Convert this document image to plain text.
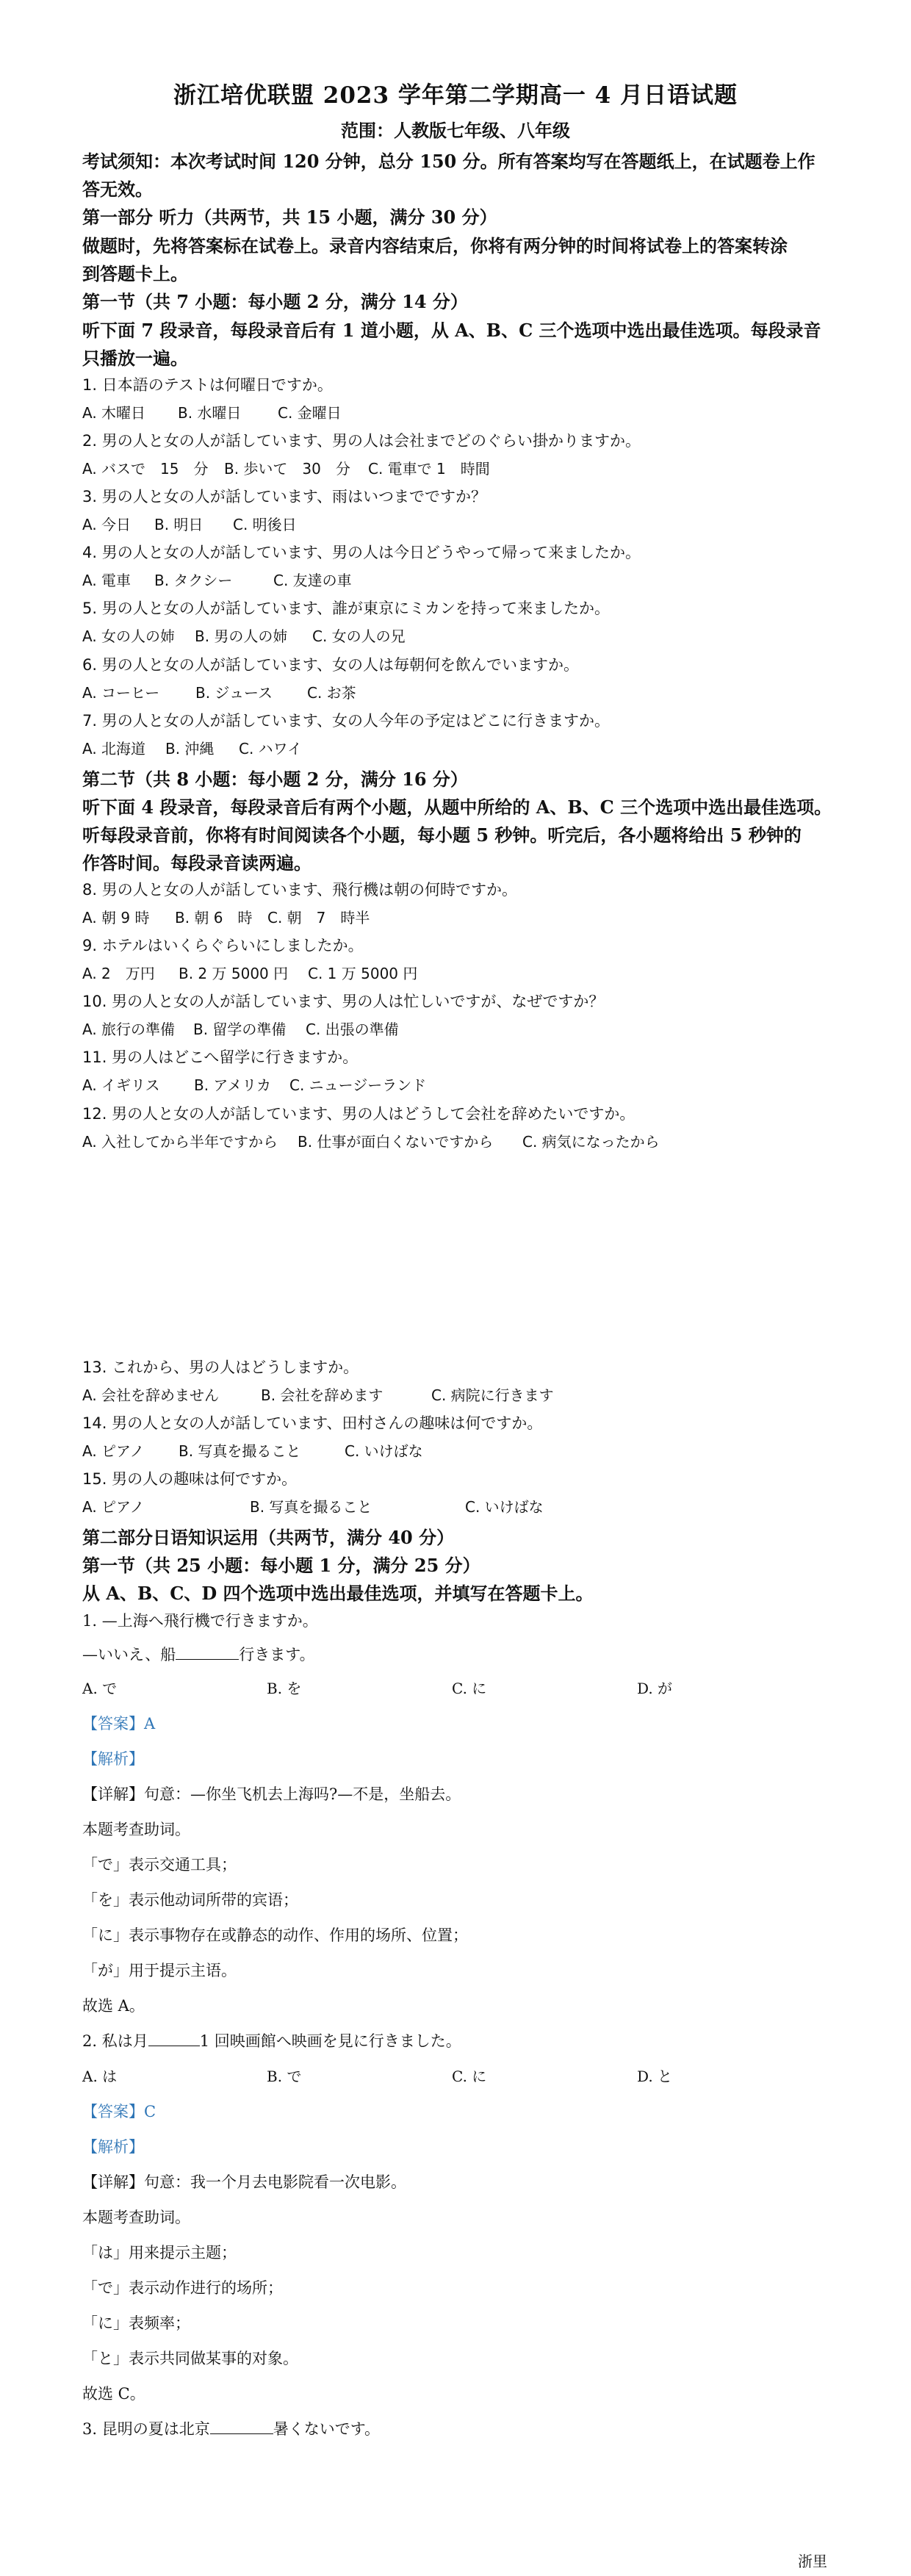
浙江培优联盟 2023 学年第二学期高一 4 月日语试题
范围：人教版七年级、八年级
考试须知：本次考试时间 120 分钟，总分 150 分。所有答案均写在答题纸上，在试题卷上作
答无效。
第一部分 听力（共两节，共 15 小题，满分 30 分）
做题时，先将答案标在试卷上。录音内容结束后，你将有两分钟的时间将试卷上的答案转涂
到答题卡上。
第一节（共 7 小题：每小题 2 分，满分 14 分）
听下面 7 段录音，每段录音后有 1 道小题，从 A、B、C 三个选项中选出最佳选项。每段录音
只播放一遍。
1. 日本語のテストは何曜日ですか。
A. 木曜日 B. 水曜日 C. 金曜日
2. 男の人と女の人が話しています、男の人は会社までどのぐらい掛かりますか。
A. バスで　15　分 B. 歩いて　30　分 C. 電車で 1　時間
3. 男の人と女の人が話しています、雨はいつまでですか？
A. 今日 B. 明日 C. 明後日
4. 男の人と女の人が話しています、男の人は今日どうやって帰って来ましたか。
A. 電車 B. タクシー	C. 友達の車
5. 男の人と女の人が話しています、誰が東京にミカンを持って来ましたか。
A. 女の人の姉 B. 男の人の姉 C. 女の人の兄
6. 男の人と女の人が話しています、女の人は毎朝何を飲んでいますか。
A. コーヒー B. ジュース C. お茶
7. 男の人と女の人が話しています、女の人今年の予定はどこに行きますか。
A. 北海道 B. 沖縄 C. ハワイ
第二节（共 8 小题：每小题 2 分，满分 16 分）
听下面 4 段录音，每段录音后有两个小题，从题中所给的 A、B、C 三个选项中选出最佳选项。
听每段录音前，你将有时间阅读各个小题，每小题 5 秒钟。听完后，各小题将给出 5 秒钟的
作答时间。每段录音读两遍。
8. 男の人と女の人が話しています、飛行機は朝の何時ですか。
A. 朝 9 時 B. 朝 6　時 C. 朝　7　時半
9. ホテルはいくらぐらいにしましたか。
A. 2　万円 B. 2 万 5000 円 C. 1 万 5000 円
10. 男の人と女の人が話しています、男の人は忙しいですが、なぜですか？
A. 旅行の準備 B. 留学の準備 C. 出張の準備
11. 男の人はどこへ留学に行きますか。
A. イギリス B. アメリカ C. ニュージーランド
12. 男の人と女の人が話しています、男の人はどうして会社を辞めたいですか。
A. 入社してから半年ですから B. 仕事が面白くないですから C. 病気になったから
13. これから、男の人はどうしますか。
A. 会社を辞めません	B. 会社を辞めます	C. 病院に行きます
14. 男の人と女の人が話しています、田村さんの趣味は何ですか。
A. ピアノ B. 写真を撮ること	C. いけばな
15. 男の人の趣味は何ですか。
A. ピアノ	B. 写真を撮ること	C. いけばな
第二部分日语知识运用（共两节，满分 40 分）
第一节（共 25 小题：每小题 1 分，满分 25 分）
从 A、B、C、D 四个选项中选出最佳选项，并填写在答题卡上。
1. —上海へ飛行機で行きますか。
—いいえ、船	行きます。
A. で	B. を	C. に	D. が
【答案】A
【解析】
【详解】句意：—你坐飞机去上海吗?—不是，坐船去。
本题考查助词。
「で」表示交通工具；
「を」表示他动词所带的宾语；
「に」表示事物存在或静态的动作、作用的场所、位置；
「が」用于提示主语。
故选 A。
2. 私は月	1 回映画館へ映画を見に行きました。
A. は	B. で	C. に	D. と
【答案】C
【解析】
【详解】句意：我一个月去电影院看一次电影。
本题考查助词。
「は」用来提示主题；
「で」表示动作进行的场所；
「に」表频率；
「と」表示共同做某事的对象。
故选 C。
3. 昆明の夏は北京	暑くないです。
浙里
